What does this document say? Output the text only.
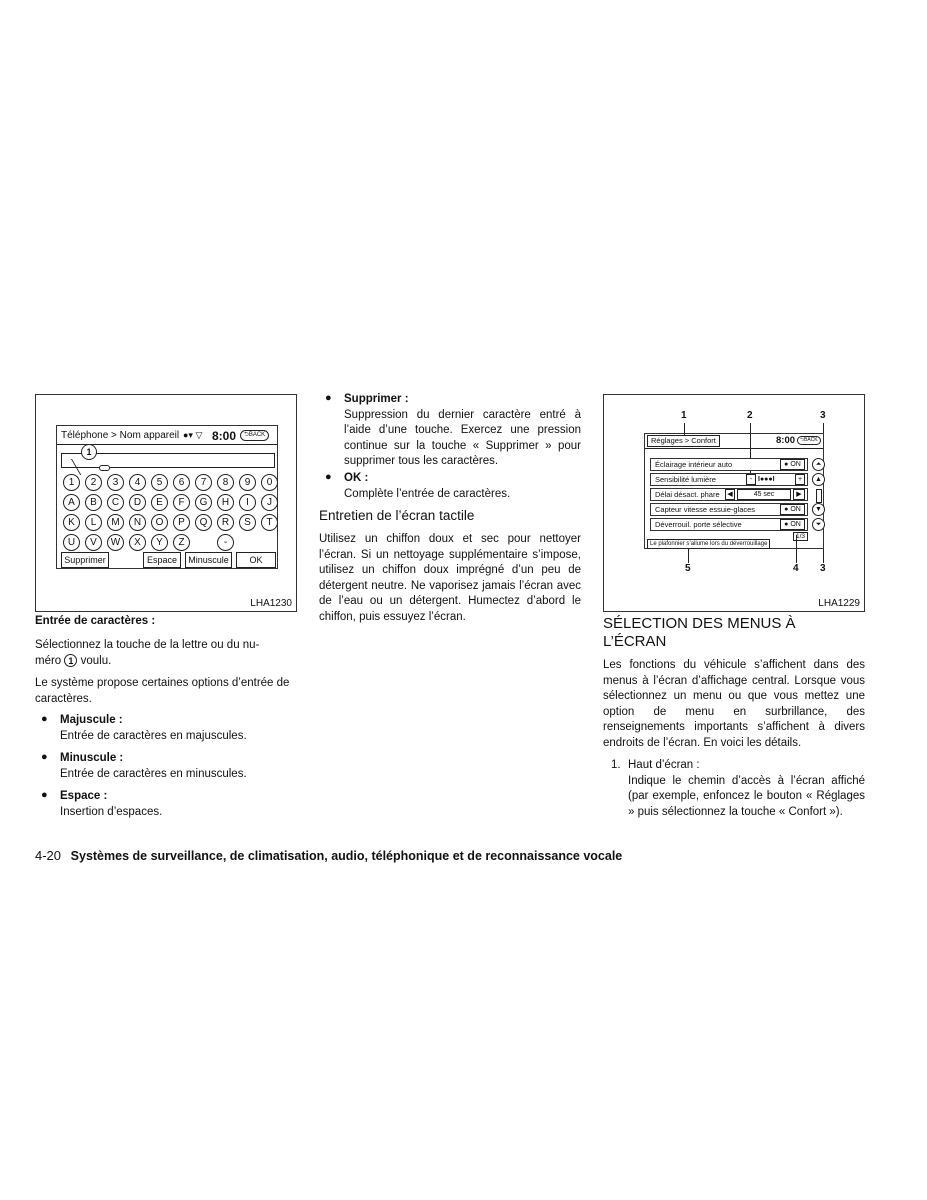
Téléphone > Nom appareil ●▾ ▽ 8:00	⮌BACK
1
1	2	3	4	5	6	7	8	9	0
A	B	C	D	E	F	G	H	I	J
K	L	M	N	O	P	Q	R	S	T
U	V	W	X	Y	Z	-
Supprimer	Espace	Minuscule	OK
LHA1230
Entrée de caractères :
Sélectionnez la touche de la lettre ou du nu-
méro 1 voulu.
Le système propose certaines options d’entrée de caractères.
● Majuscule :
Entrée de caractères en majuscules.
● Minuscule :
Entrée de caractères en minuscules.
● Espace :
Insertion d’espaces.
● Supprimer :
Suppression du dernier caractère entré à l’aide d’une touche. Exercez une pression continue sur la touche « Supprimer » pour supprimer tous les caractères.
● OK :
Complète l’entrée de caractères.
Entretien de l’écran tactile
Utilisez un chiffon doux et sec pour nettoyer l’écran. Si un nettoyage supplémentaire s’impose, utilisez un chiffon doux imprégné d’un peu de détergent neutre. Ne vaporisez jamais l’écran avec de l’eau ou un détergent. Humectez d’abord le chiffon, puis essuyez l’écran.
1	2	3
Réglages > Confort	8:00 ⮌BACK
Éclairage intérieur auto	● ON
Sensibilité lumière	- I●●●I	+
Délai désact. phare	◀	45 sec	▶
Capteur vitesse essuie-glaces	● ON
Déverrouil. porte sélective	● ON
⏶
▲
▼
⏷
1/3
Le plafonnier s’allume lors du déverrouillage
5	4 3
LHA1229
SÉLECTION DES MENUS À
L’ÉCRAN
Les fonctions du véhicule s’affichent dans des menus à l’écran d’affichage central. Lorsque vous sélectionnez un menu ou que vous mettez une option de menu en surbrillance, des renseignements importants s’affichent à divers endroits de l’écran. En voici les détails.
1. Haut d’écran :
Indique le chemin d’accès à l’écran affiché (par exemple, enfoncez le bouton « Réglages » puis sélectionnez la touche « Confort »).
4-20 Systèmes de surveillance, de climatisation, audio, téléphonique et de reconnaissance vocale
